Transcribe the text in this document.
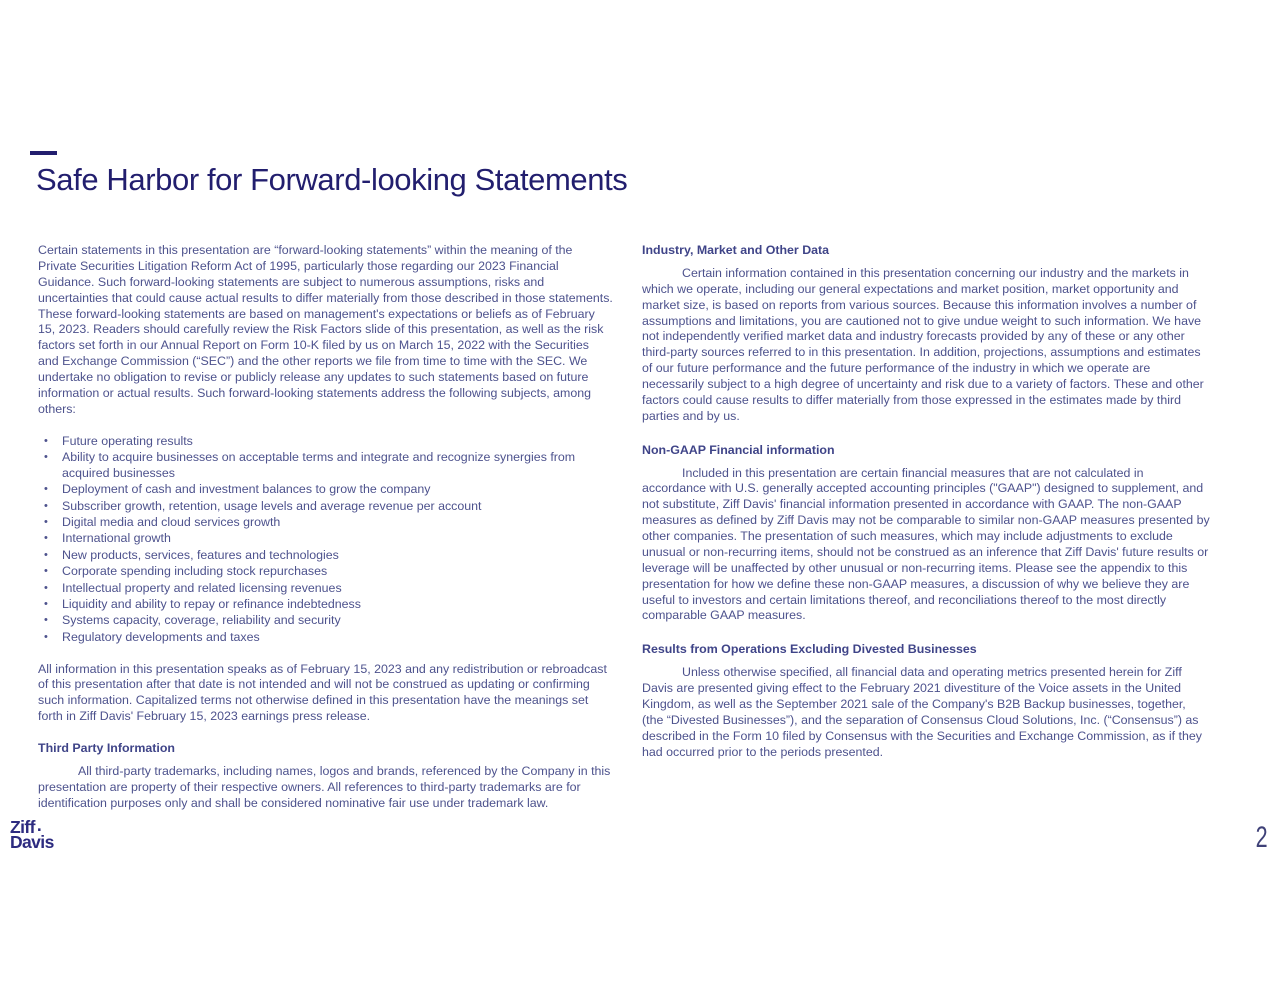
Safe Harbor for Forward-looking Statements

Certain statements in this presentation are “forward-looking statements” within the meaning of the Private Securities Litigation Reform Act of 1995, particularly those regarding our 2023 Financial Guidance. Such forward-looking statements are subject to numerous assumptions, risks and uncertainties that could cause actual results to differ materially from those described in those statements. These forward-looking statements are based on management's expectations or beliefs as of February 15, 2023. Readers should carefully review the Risk Factors slide of this presentation, as well as the risk factors set forth in our Annual Report on Form 10-K filed by us on March 15, 2022 with the Securities and Exchange Commission (“SEC”) and the other reports we file from time to time with the SEC. We undertake no obligation to revise or publicly release any updates to such statements based on future information or actual results. Such forward-looking statements address the following subjects, among others:

• Future operating results
• Ability to acquire businesses on acceptable terms and integrate and recognize synergies from acquired businesses
• Deployment of cash and investment balances to grow the company
• Subscriber growth, retention, usage levels and average revenue per account
• Digital media and cloud services growth
• International growth
• New products, services, features and technologies
• Corporate spending including stock repurchases
• Intellectual property and related licensing revenues
• Liquidity and ability to repay or refinance indebtedness
• Systems capacity, coverage, reliability and security
• Regulatory developments and taxes

All information in this presentation speaks as of February 15, 2023 and any redistribution or rebroadcast of this presentation after that date is not intended and will not be construed as updating or confirming such information. Capitalized terms not otherwise defined in this presentation have the meanings set forth in Ziff Davis' February 15, 2023 earnings press release.

Third Party Information

All third-party trademarks, including names, logos and brands, referenced by the Company in this presentation are property of their respective owners. All references to third-party trademarks are for identification purposes only and shall be considered nominative fair use under trademark law.

Industry, Market and Other Data

Certain information contained in this presentation concerning our industry and the markets in which we operate, including our general expectations and market position, market opportunity and market size, is based on reports from various sources. Because this information involves a number of assumptions and limitations, you are cautioned not to give undue weight to such information. We have not independently verified market data and industry forecasts provided by any of these or any other third-party sources referred to in this presentation. In addition, projections, assumptions and estimates of our future performance and the future performance of the industry in which we operate are necessarily subject to a high degree of uncertainty and risk due to a variety of factors. These and other factors could cause results to differ materially from those expressed in the estimates made by third parties and by us.

Non-GAAP Financial information

Included in this presentation are certain financial measures that are not calculated in accordance with U.S. generally accepted accounting principles ("GAAP") designed to supplement, and not substitute, Ziff Davis' financial information presented in accordance with GAAP. The non-GAAP measures as defined by Ziff Davis may not be comparable to similar non-GAAP measures presented by other companies. The presentation of such measures, which may include adjustments to exclude unusual or non-recurring items, should not be construed as an inference that Ziff Davis' future results or leverage will be unaffected by other unusual or non-recurring items. Please see the appendix to this presentation for how we define these non-GAAP measures, a discussion of why we believe they are useful to investors and certain limitations thereof, and reconciliations thereof to the most directly comparable GAAP measures.

Results from Operations Excluding Divested Businesses

Unless otherwise specified, all financial data and operating metrics presented herein for Ziff Davis are presented giving effect to the February 2021 divestiture of the Voice assets in the United Kingdom, as well as the September 2021 sale of the Company's B2B Backup businesses, together, (the “Divested Businesses”), and the separation of Consensus Cloud Solutions, Inc. (“Consensus”) as described in the Form 10 filed by Consensus with the Securities and Exchange Commission, as if they had occurred prior to the periods presented.

Ziff .
Davis	2
